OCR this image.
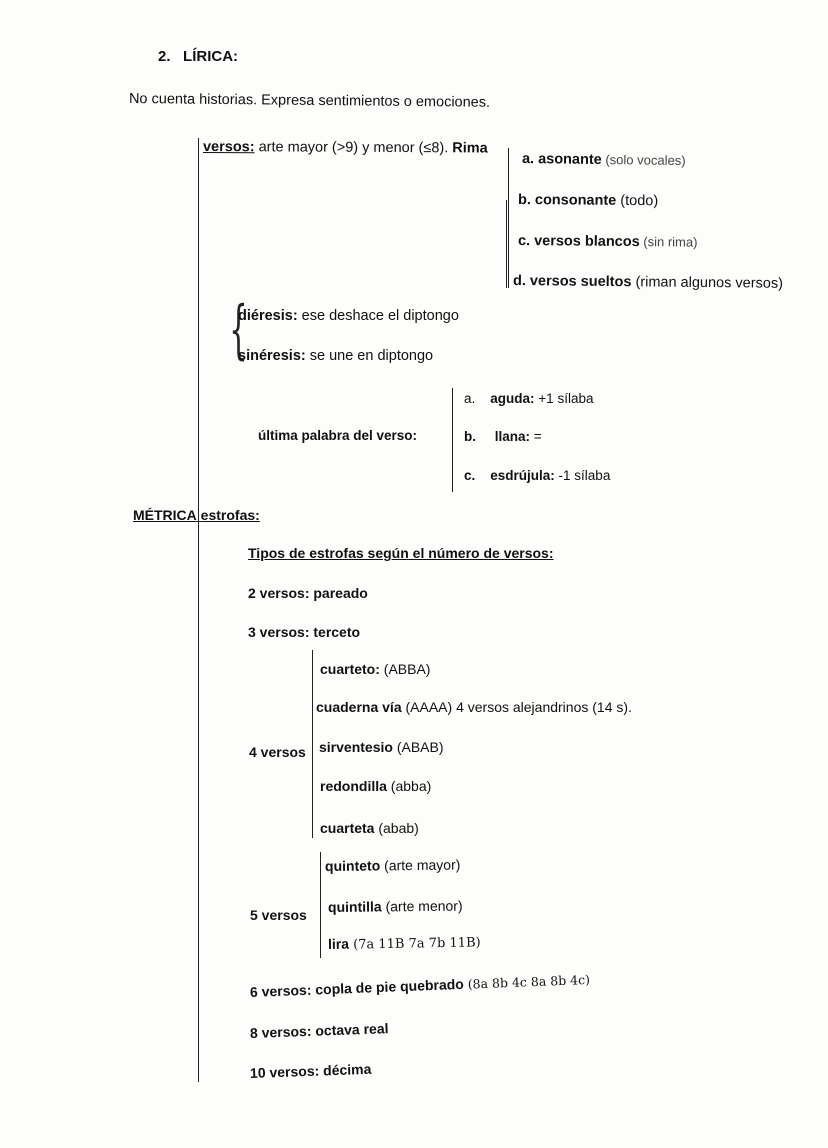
2. LÍRICA:
No cuenta historias. Expresa sentimientos o emociones.
versos: arte mayor (>9) y menor (≤8). Rima
a. asonante (solo vocales)
b. consonante (todo)
c. versos blancos (sin rima)
d. versos sueltos (riman algunos versos)
{
diéresis: ese deshace el diptongo
sinéresis: se une en diptongo
última palabra del verso:
a. aguda: +1 sílaba
b. llana: =
c. esdrújula: -1 sílaba
MÉTRICA estrofas:
Tipos de estrofas según el número de versos:
2 versos: pareado
3 versos: terceto
4 versos
cuarteto: (ABBA)
cuaderna vía (AAAA) 4 versos alejandrinos (14 s).
sirventesio (ABAB)
redondilla (abba)
cuarteta (abab)
5 versos
quinteto (arte mayor)
quintilla (arte menor)
lira (7a 11B 7a 7b 11B)
6 versos: copla de pie quebrado (8a 8b 4c 8a 8b 4c)
8 versos: octava real
10 versos: décima
